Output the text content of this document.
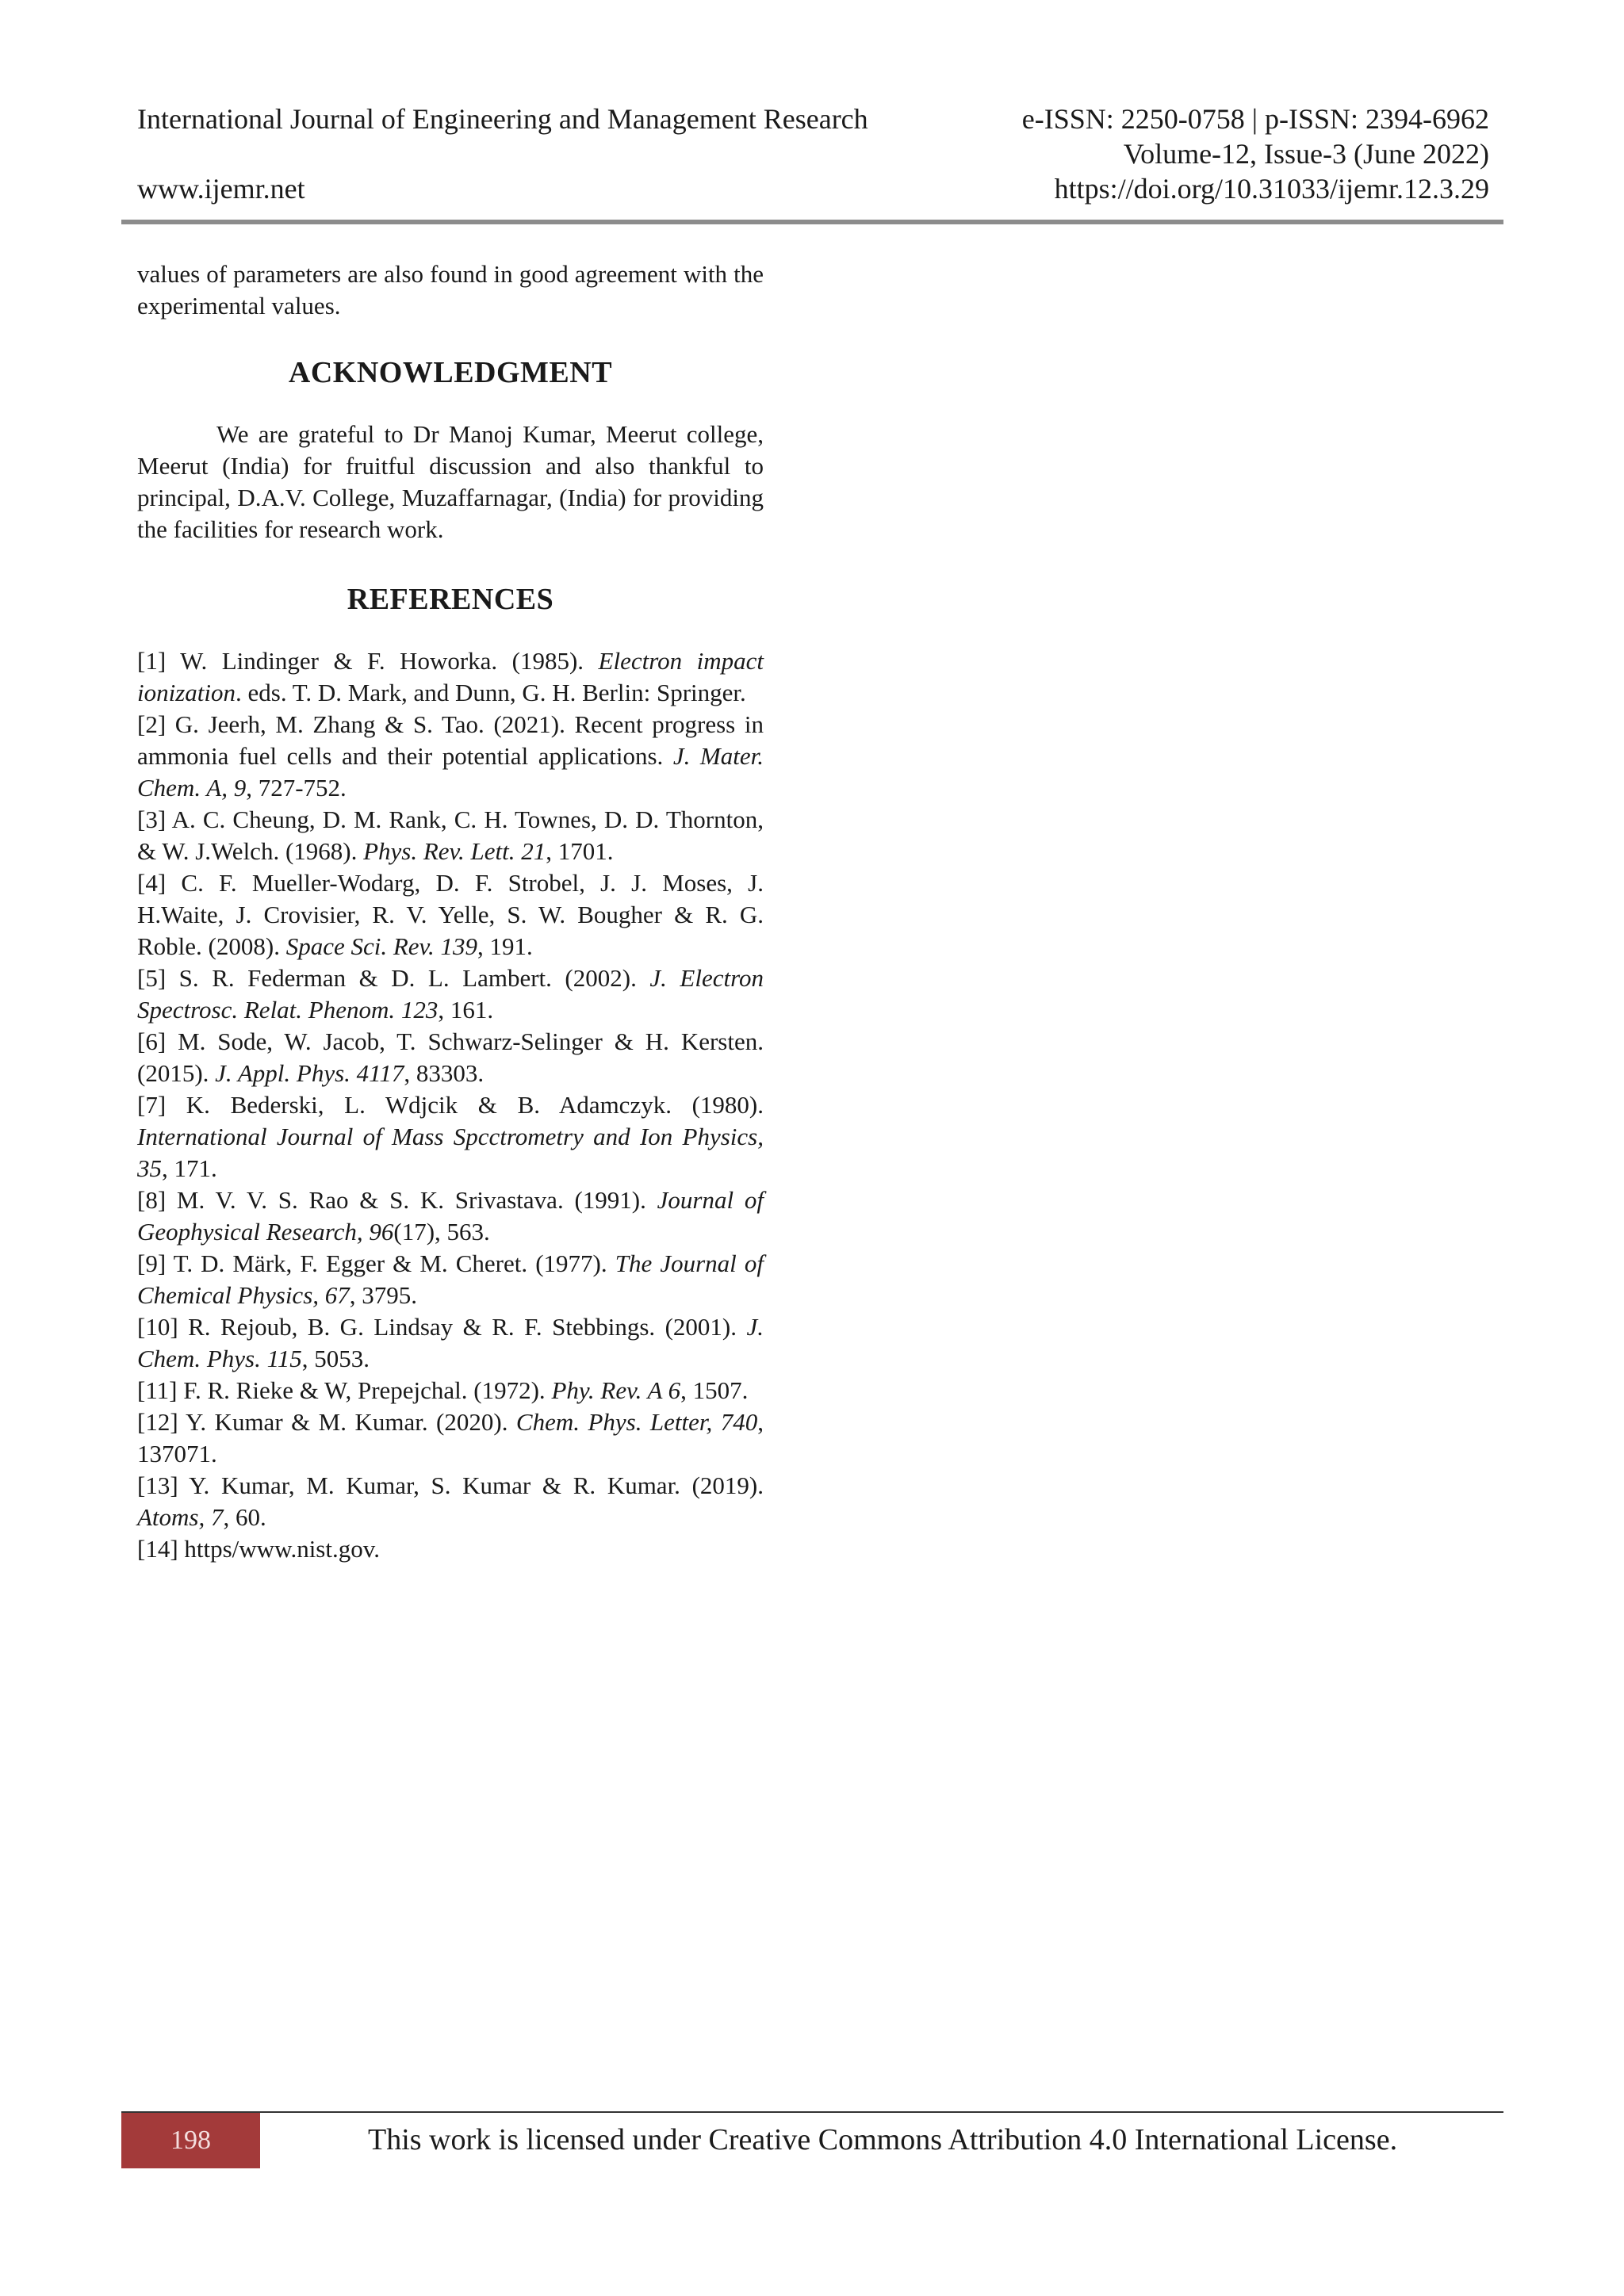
International Journal of Engineering and Management Research	e-ISSN: 2250-0758 | p-ISSN: 2394-6962
Volume-12, Issue-3 (June 2022)
www.ijemr.net	https://doi.org/10.31033/ijemr.12.3.29

values of parameters are also found in good agreement with the experimental values.

ACKNOWLEDGMENT

We are grateful to Dr Manoj Kumar, Meerut college, Meerut (India) for fruitful discussion and also thankful to principal, D.A.V. College, Muzaffarnagar, (India) for providing the facilities for research work.

REFERENCES
[1] W. Lindinger & F. Howorka. (1985). Electron impact ionization. eds. T. D. Mark, and Dunn, G. H. Berlin: Springer.
[2] G. Jeerh, M. Zhang & S. Tao. (2021). Recent progress in ammonia fuel cells and their potential applications. J. Mater. Chem. A, 9, 727-752.
[3] A. C. Cheung, D. M. Rank, C. H. Townes, D. D. Thornton, & W. J.Welch. (1968). Phys. Rev. Lett. 21, 1701.
[4] C. F. Mueller-Wodarg, D. F. Strobel, J. J. Moses, J. H.Waite, J. Crovisier, R. V. Yelle, S. W. Bougher & R. G. Roble. (2008). Space Sci. Rev. 139, 191.
[5] S. R. Federman & D. L. Lambert. (2002). J. Electron Spectrosc. Relat. Phenom. 123, 161.
[6] M. Sode, W. Jacob, T. Schwarz-Selinger & H. Kersten. (2015). J. Appl. Phys. 4117, 83303.
[7] K. Bederski, L. Wdjcik & B. Adamczyk. (1980). International Journal of Mass Spcctrometry and Ion Physics, 35, 171.
[8] M. V. V. S. Rao & S. K. Srivastava. (1991). Journal of Geophysical Research, 96(17), 563.
[9] T. D. Märk, F. Egger & M. Cheret. (1977). The Journal of Chemical Physics, 67, 3795.
[10] R. Rejoub, B. G. Lindsay & R. F. Stebbings. (2001). J. Chem. Phys. 115, 5053.
[11] F. R. Rieke & W, Prepejchal. (1972). Phy. Rev. A 6, 1507.
[12] Y. Kumar & M. Kumar. (2020). Chem. Phys. Letter, 740, 137071.
[13] Y. Kumar, M. Kumar, S. Kumar & R. Kumar. (2019). Atoms, 7, 60.
[14] https/www.nist.gov.
198	This work is licensed under Creative Commons Attribution 4.0 International License.
